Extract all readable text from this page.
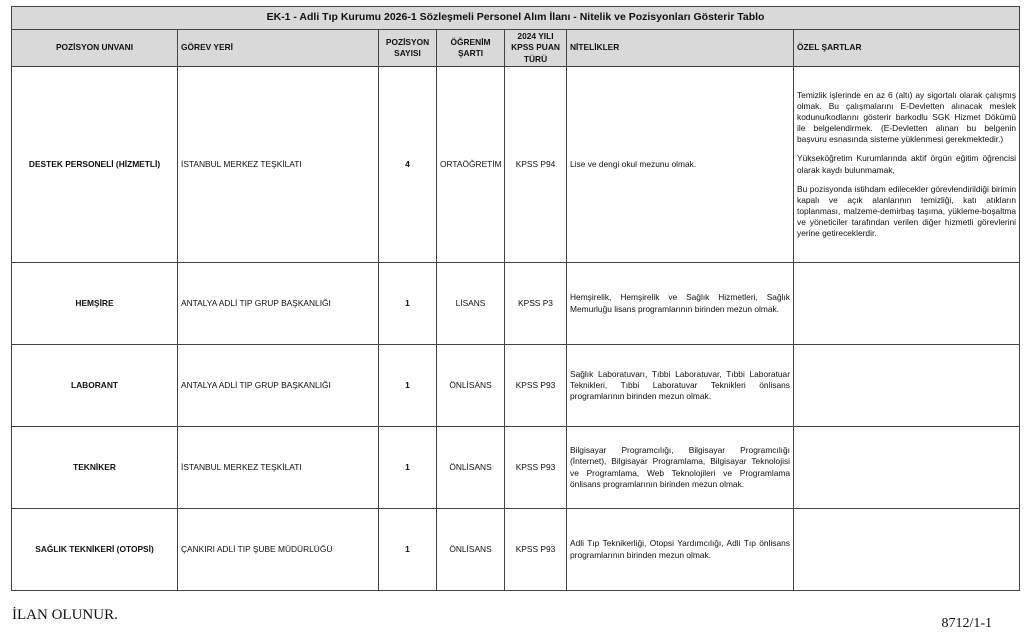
EK-1 - Adli Tıp Kurumu 2026-1 Sözleşmeli Personel Alım İlanı - Nitelik ve Pozisyonları Gösterir Tablo						
POZİSYON UNVANI	GÖREV YERİ	POZİSYON SAYISI	ÖĞRENİM ŞARTI	2024 YILI KPSS PUAN TÜRÜ	NİTELİKLER	ÖZEL ŞARTLAR
DESTEK PERSONELİ (HİZMETLİ)	İSTANBUL MERKEZ TEŞKİLATI	4	ORTAÖĞRETİM	KPSS P94	Lise ve dengi okul mezunu olmak.	Temizlik işlerinde en az 6 (altı) ay sigortalı olarak çalışmış olmak. Bu çalışmalarını E-Devletten alınacak meslek kodunu/kodlarını gösterir barkodlu SGK Hizmet Dökümü ile belgelendirmek. (E-Devletten alınan bu belgenin başvuru esnasında sisteme yüklenmesi gerekmektedir.)

Yükseköğretim Kurumlarında aktif örgün eğitim öğrencisi olarak kaydı bulunmamak,

Bu pozisyonda istihdam edilecekler görevlendirildiği birimin kapalı ve açık alanlarının temizliği, katı atıkların toplanması, malzeme-demirbaş taşıma, yükleme-boşaltma ve yöneticiler tarafından verilen diğer hizmetli görevlerini yerine getireceklerdir.

HEMŞİRE	ANTALYA ADLİ TIP GRUP BAŞKANLIĞI	1	LİSANS	KPSS P3	Hemşirelik, Hemşirelik ve Sağlık Hizmetleri, Sağlık Memurluğu lisans programlarının birinden mezun olmak.	
LABORANT	ANTALYA ADLİ TIP GRUP BAŞKANLIĞI	1	ÖNLİSANS	KPSS P93	Sağlık Laboratuvarı, Tıbbi Laboratuvar, Tıbbi Laboratuar Teknikleri, Tıbbi Laboratuvar Teknikleri önlisans programlarının birinden mezun olmak.	
TEKNİKER	İSTANBUL MERKEZ TEŞKİLATI	1	ÖNLİSANS	KPSS P93	Bilgisayar Programcılığı, Bilgisayar Programcılığı (İnternet), Bilgisayar Programlama, Bilgisayar Teknolojisi ve Programlama, Web Teknolojileri ve Programlama önlisans programlarının birinden mezun olmak.	
SAĞLIK TEKNİKERİ (OTOPSİ)	ÇANKIRI ADLİ TIP ŞUBE MÜDÜRLÜĞÜ	1	ÖNLİSANS	KPSS P93	Adli Tıp Teknikerliği, Otopsi Yardımcılığı, Adli Tıp önlisans programlarının birinden mezun olmak.	
İLAN OLUNUR.
8712/1-1
